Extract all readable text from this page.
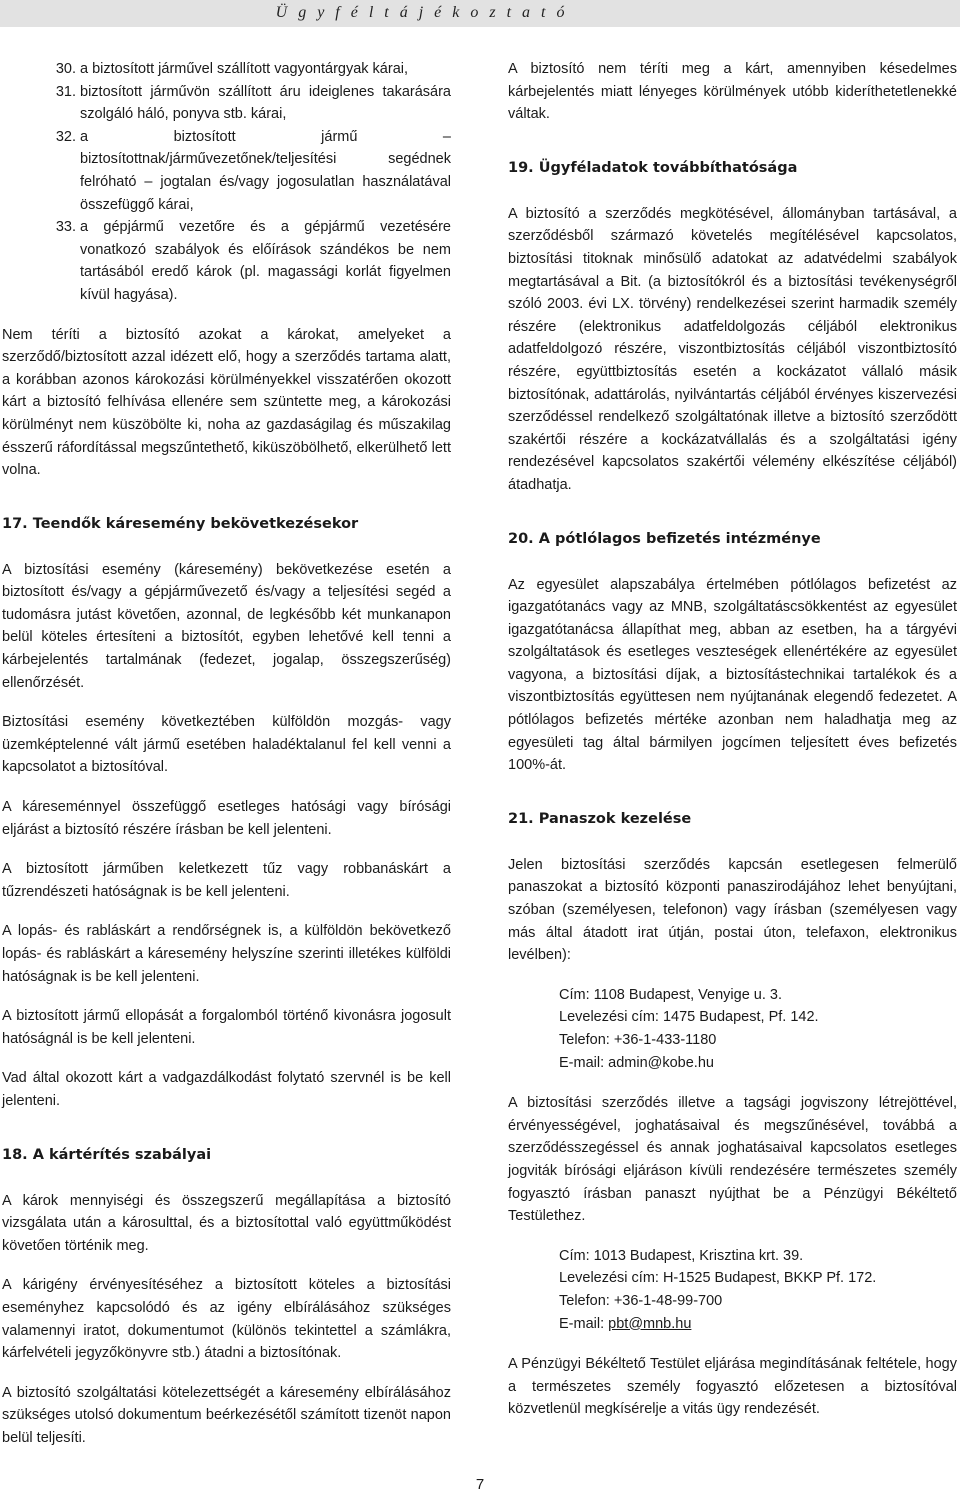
Ü g y f é l t á j é k o z t a t ó
30. a biztosított járművel szállított vagyontárgyak kárai,
31. biztosított járművön szállított áru ideiglenes takarására szolgáló háló, ponyva stb. kárai,
32. a biztosított jármű – biztosítottnak/járművezetőnek/teljesítési segédnek felróható – jogtalan és/vagy jogosulatlan használatával összefüggő kárai,
33. a gépjármű vezetőre és a gépjármű vezetésére vonatkozó szabályok és előírások szándékos be nem tartásából eredő károk (pl. magassági korlát figyelmen kívül hagyása).

Nem téríti a biztosító azokat a károkat, amelyeket a szerződő/biztosított azzal idézett elő, hogy a szerződés tartama alatt, a korábban azonos károkozási körülményekkel visszatérően okozott kárt a biztosító felhívása ellenére sem szüntette meg, a károkozási körülményt nem küszöbölte ki, noha az gazdaságilag és műszakilag ésszerű ráfordítással megszűntethető, kiküszöbölhető, elkerülhető lett volna.

17. Teendők káresemény bekövetkezésekor

A biztosítási esemény (káresemény) bekövetkezése esetén a biztosított és/vagy a gépjárművezető és/vagy a teljesítési segéd a tudomásra jutást követően, azonnal, de legkésőbb két munkanapon belül köteles értesíteni a biztosítót, egyben lehetővé kell tenni a kárbejelentés tartalmának (fedezet, jogalap, összegszerűség) ellenőrzését.

Biztosítási esemény következtében külföldön mozgás- vagy üzemképtelenné vált jármű esetében haladéktalanul fel kell venni a kapcsolatot a biztosítóval.

A káreseménnyel összefüggő esetleges hatósági vagy bírósági eljárást a biztosító részére írásban be kell jelenteni.

A biztosított járműben keletkezett tűz vagy robbanáskárt a tűzrendészeti hatóságnak is be kell jelenteni.

A lopás- és rabláskárt a rendőrségnek is, a külföldön bekövetkező lopás- és rabláskárt a káresemény helyszíne szerinti illetékes külföldi hatóságnak is be kell jelenteni.

A biztosított jármű ellopását a forgalomból történő kivonásra jogosult hatóságnál is be kell jelenteni.

Vad által okozott kárt a vadgazdálkodást folytató szervnél is be kell jelenteni.

18. A kártérítés szabályai

A károk mennyiségi és összegszerű megállapítása a biztosító vizsgálata után a károsulttal, és a biztosítottal való együttműködést követően történik meg.

A kárigény érvényesítéséhez a biztosított köteles a biztosítási eseményhez kapcsolódó és az igény elbírálásához szükséges valamennyi iratot, dokumentumot (különös tekintettel a számlákra, kárfelvételi jegyzőkönyvre stb.) átadni a biztosítónak.

A biztosító szolgáltatási kötelezettségét a káresemény elbírálásához szükséges utolsó dokumentum beérkezésétől számított tizenöt napon belül teljesíti.

A biztosító nem téríti meg a kárt, amennyiben késedelmes kárbejelentés miatt lényeges körülmények utóbb kideríthetetlenekké váltak.

19. Ügyféladatok továbbíthatósága

A biztosító a szerződés megkötésével, állományban tartásával, a szerződésből származó követelés megítélésével kapcsolatos, biztosítási titoknak minősülő adatokat az adatvédelmi szabályok megtartásával a Bit. (a biztosítókról és a biztosítási tevékenységről szóló 2003. évi LX. törvény) rendelkezései szerint harmadik személy részére (elektronikus adatfeldolgozás céljából elektronikus adatfeldolgozó részére, viszontbiztosítás céljából viszontbiztosító részére, együttbiztosítás esetén a kockázatot vállaló másik biztosítónak, adattárolás, nyilvántartás céljából érvényes kiszervezési szerződéssel rendelkező szolgáltatónak illetve a biztosító szerződött szakértői részére a kockázatvállalás és a szolgáltatási igény rendezésével kapcsolatos szakértői vélemény elkészítése céljából) átadhatja.

20. A pótlólagos befizetés intézménye

Az egyesület alapszabálya értelmében pótlólagos befizetést az igazgatótanács vagy az MNB, szolgáltatáscsökkentést az egyesület igazgatótanácsa állapíthat meg, abban az esetben, ha a tárgyévi szolgáltatások és esetleges veszteségek ellenértékére az egyesület vagyona, a biztosítási díjak, a biztosítástechnikai tartalékok és a viszontbiztosítás együttesen nem nyújtanának elegendő fedezetet. A pótlólagos befizetés mértéke azonban nem haladhatja meg az egyesületi tag által bármilyen jogcímen teljesített éves befizetés 100%-át.

21. Panaszok kezelése

Jelen biztosítási szerződés kapcsán esetlegesen felmerülő panaszokat a biztosító központi panaszirodájához lehet benyújtani, szóban (személyesen, telefonon) vagy írásban (személyesen vagy más által átadott irat útján, postai úton, telefaxon, elektronikus levélben):

Cím: 1108 Budapest, Venyige u. 3.
Levelezési cím: 1475 Budapest, Pf. 142.
Telefon: +36-1-433-1180
E-mail: admin@kobe.hu

A biztosítási szerződés illetve a tagsági jogviszony létrejöttével, érvényességével, joghatásaival és megszűnésével, továbbá a szerződésszegéssel és annak joghatásaival kapcsolatos esetleges jogviták bírósági eljáráson kívüli rendezésére természetes személy fogyasztó írásban panaszt nyújthat be a Pénzügyi Békéltető Testülethez.

Cím: 1013 Budapest, Krisztina krt. 39.
Levelezési cím: H-1525 Budapest, BKKP Pf. 172.
Telefon: +36-1-48-99-700
E-mail: pbt@mnb.hu

A Pénzügyi Békéltető Testület eljárása megindításának feltétele, hogy a természetes személy fogyasztó előzetesen a biztosítóval közvetlenül megkísérelje a vitás ügy rendezését.

7
